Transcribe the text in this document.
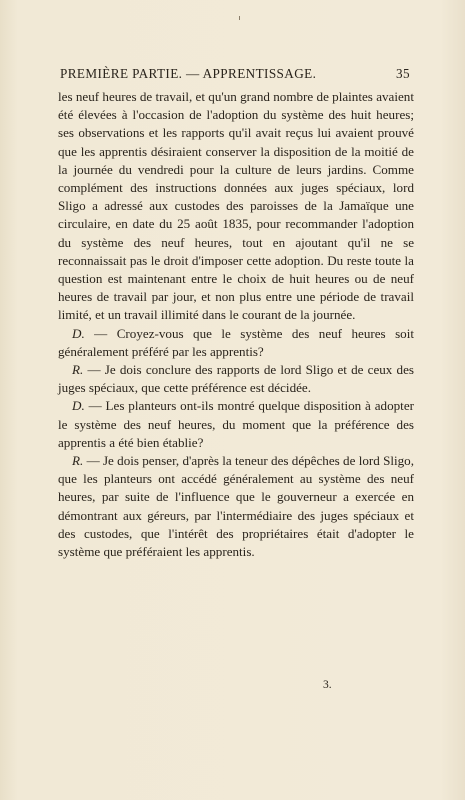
PREMIÈRE PARTIE. — APPRENTISSAGE.	35

les neuf heures de travail, et qu'un grand nombre de plaintes avaient été élevées à l'occasion de l'adoption du système des huit heures; ses observations et les rapports qu'il avait reçus lui avaient prouvé que les apprentis désiraient conserver la disposition de la moitié de la journée du vendredi pour la culture de leurs jardins. Comme complément des instructions données aux juges spéciaux, lord Sligo a adressé aux custodes des paroisses de la Jamaïque une circulaire, en date du 25 août 1835, pour recommander l'adoption du système des neuf heures, tout en ajoutant qu'il ne se reconnaissait pas le droit d'imposer cette adoption. Du reste toute la question est maintenant entre le choix de huit heures ou de neuf heures de travail par jour, et non plus entre une période de travail limité, et un travail illimité dans le courant de la journée.

D. — Croyez-vous que le système des neuf heures soit généralement préféré par les apprentis?

R. — Je dois conclure des rapports de lord Sligo et de ceux des juges spéciaux, que cette préférence est décidée.

D. — Les planteurs ont-ils montré quelque disposition à adopter le système des neuf heures, du moment que la préférence des apprentis a été bien établie?

R. — Je dois penser, d'après la teneur des dépêches de lord Sligo, que les planteurs ont accédé généralement au système des neuf heures, par suite de l'influence que le gouverneur a exercée en démontrant aux géreurs, par l'intermédiaire des juges spéciaux et des custodes, que l'intérêt des propriétaires était d'adopter le système que préféraient les apprentis.

3.
